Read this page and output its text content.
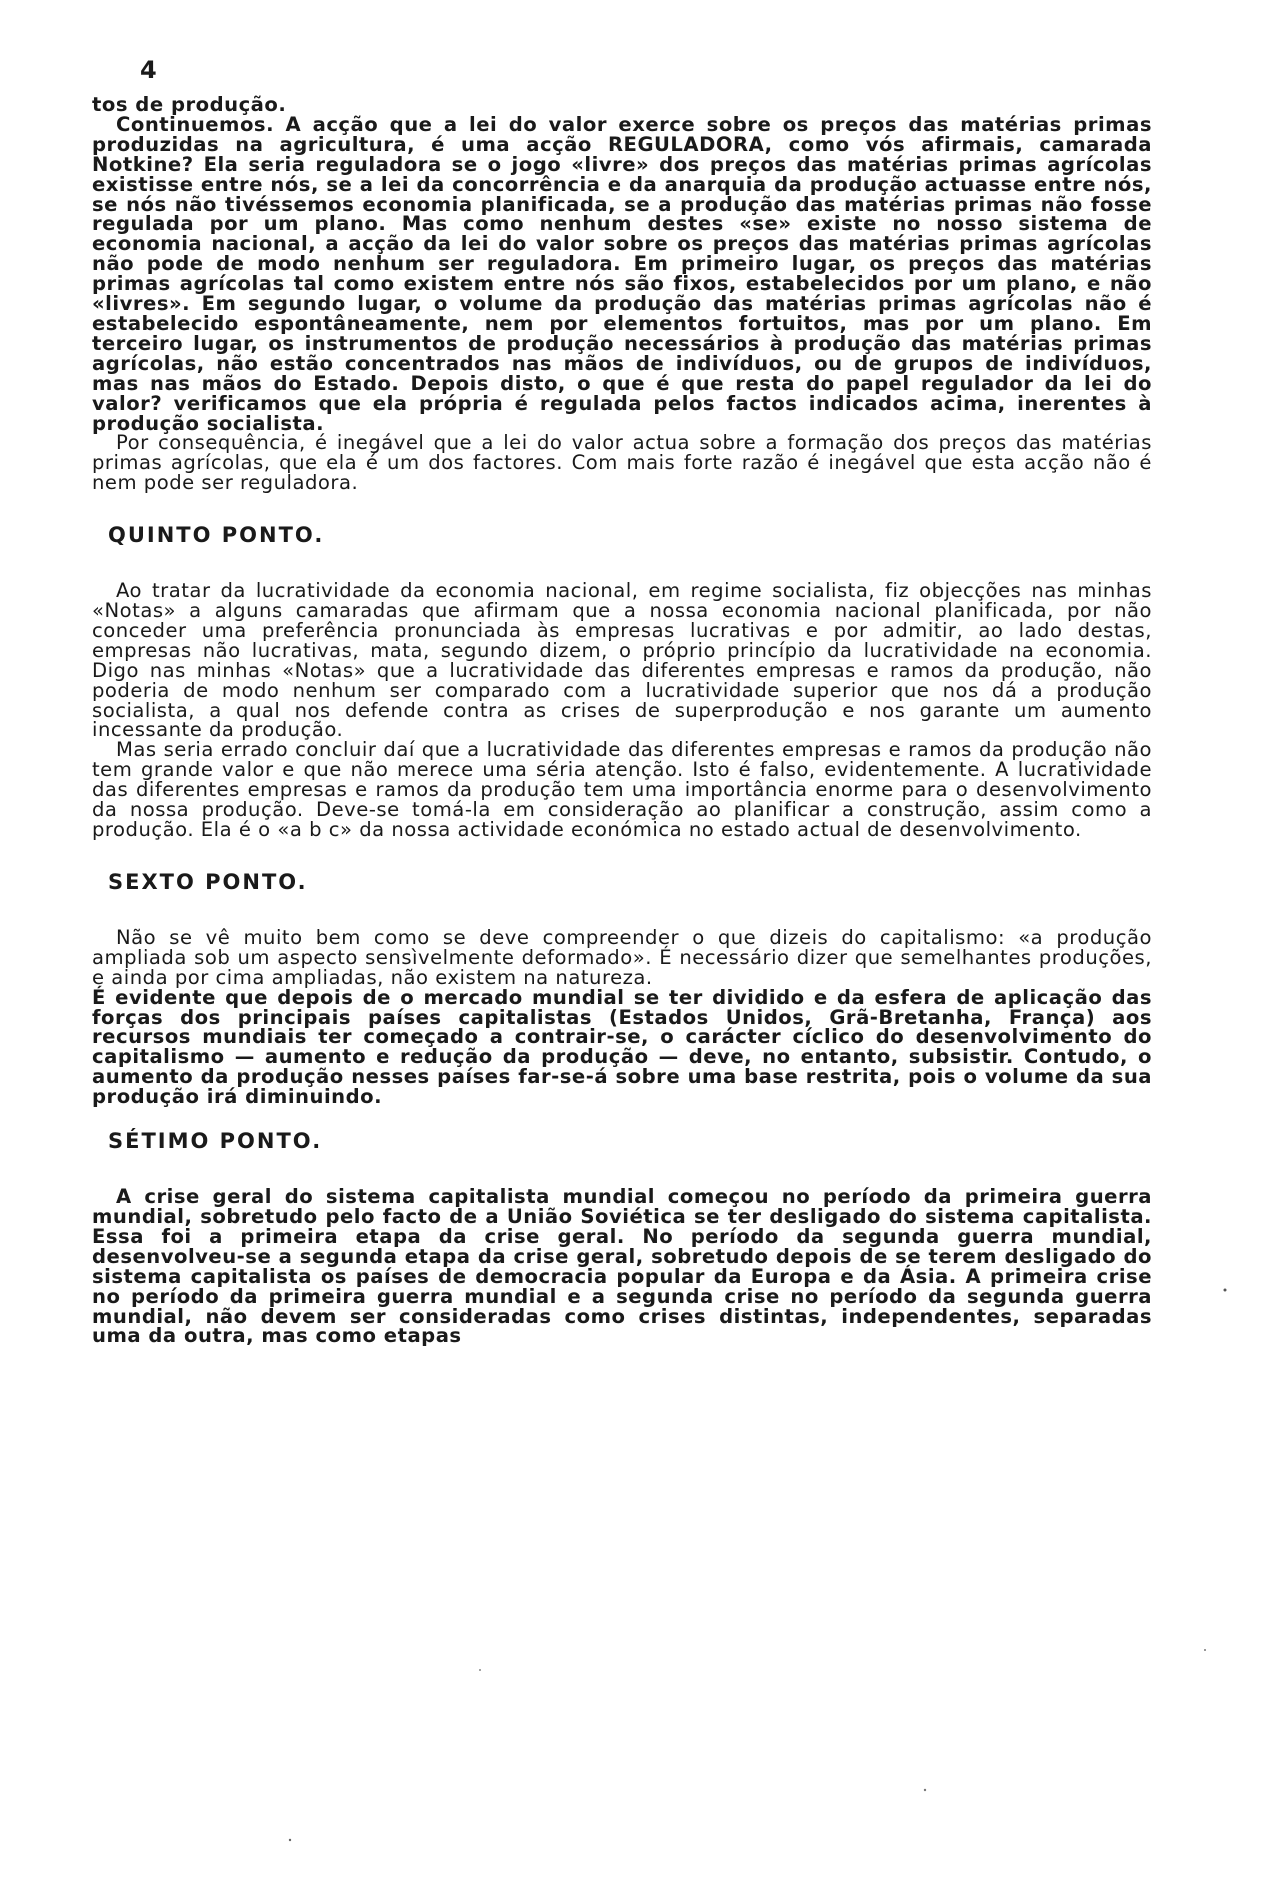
4

tos de produção.

Continuemos. A acção que a lei do valor exerce sobre os preços das matérias primas produzidas na agricultura, é uma acção REGULADORA, como vós afirmais, camarada Notkine? Ela seria reguladora se o jogo «livre» dos preços das matérias primas agrícolas existisse entre nós, se a lei da concorrência e da anarquia da produção actuasse entre nós, se nós não tivéssemos economia planificada, se a produção das matérias primas não fosse regulada por um plano. Mas como nenhum destes «se» existe no nosso sistema de economia nacional, a acção da lei do valor sobre os preços das matérias primas agrícolas não pode de modo nenhum ser reguladora. Em primeiro lugar, os preços das matérias primas agrícolas tal como existem entre nós são fixos, estabelecidos por um plano, e não «livres». Em segundo lugar, o volume da produção das matérias primas agrícolas não é estabelecido espontâneamente, nem por elementos fortuitos, mas por um plano. Em terceiro lugar, os instrumentos de produção necessários à produção das matérias primas agrícolas, não estão concentrados nas mãos de indivíduos, ou de grupos de indivíduos, mas nas mãos do Estado. Depois disto, o que é que resta do papel regulador da lei do valor? verificamos que ela própria é regulada pelos factos indicados acima, inerentes à produção socialista.

Por consequência, é inegável que a lei do valor actua sobre a formação dos preços das matérias primas agrícolas, que ela é um dos factores. Com mais forte razão é inegável que esta acção não é nem pode ser reguladora.

QUINTO PONTO.

Ao tratar da lucratividade da economia nacional, em regime socialista, fiz objecções nas minhas «Notas» a alguns camaradas que afirmam que a nossa economia nacional planificada, por não conceder uma preferência pronunciada às empresas lucrativas e por admitir, ao lado destas, empresas não lucrativas, mata, segundo dizem, o próprio princípio da lucratividade na economia. Digo nas minhas «Notas» que a lucratividade das diferentes empresas e ramos da produção, não poderia de modo nenhum ser comparado com a lucratividade superior que nos dá a produção socialista, a qual nos defende contra as crises de superprodução e nos garante um aumento incessante da produção.

Mas seria errado concluir daí que a lucratividade das diferentes empresas e ramos da produção não tem grande valor e que não merece uma séria atenção. Isto é falso, evidentemente. A lucratividade das diferentes empresas e ramos da produção tem uma importância enorme para o desenvolvimento da nossa produção. Deve-se tomá-la em consideração ao planificar a construção, assim como a produção. Ela é o «a b c» da nossa actividade económica no estado actual de desenvolvimento.

SEXTO PONTO.

Não se vê muito bem como se deve compreender o que dizeis do capitalismo: «a produção ampliada sob um aspecto sensìvelmente deformado». É necessário dizer que semelhantes produções, e ainda por cima ampliadas, não existem na natureza.

É evidente que depois de o mercado mundial se ter dividido e da esfera de aplicação das forças dos principais países capitalistas (Estados Unidos, Grã-Bretanha, França) aos recursos mundiais ter começado a contrair-se, o carácter cíclico do desenvolvimento do capitalismo — aumento e redução da produção — deve, no entanto, subsistir. Contudo, o aumento da produção nesses países far-se-á sobre uma base restrita, pois o volume da sua produção irá diminuindo.

SÉTIMO PONTO.

A crise geral do sistema capitalista mundial começou no período da primeira guerra mundial, sobretudo pelo facto de a União Soviética se ter desligado do sistema capitalista. Essa foi a primeira etapa da crise geral. No período da segunda guerra mundial, desenvolveu-se a segunda etapa da crise geral, sobretudo depois de se terem desligado do sistema capitalista os países de democracia popular da Europa e da Ásia. A primeira crise no período da primeira guerra mundial e a segunda crise no período da segunda guerra mundial, não devem ser consideradas como crises distintas, independentes, separadas uma da outra, mas como etapas
